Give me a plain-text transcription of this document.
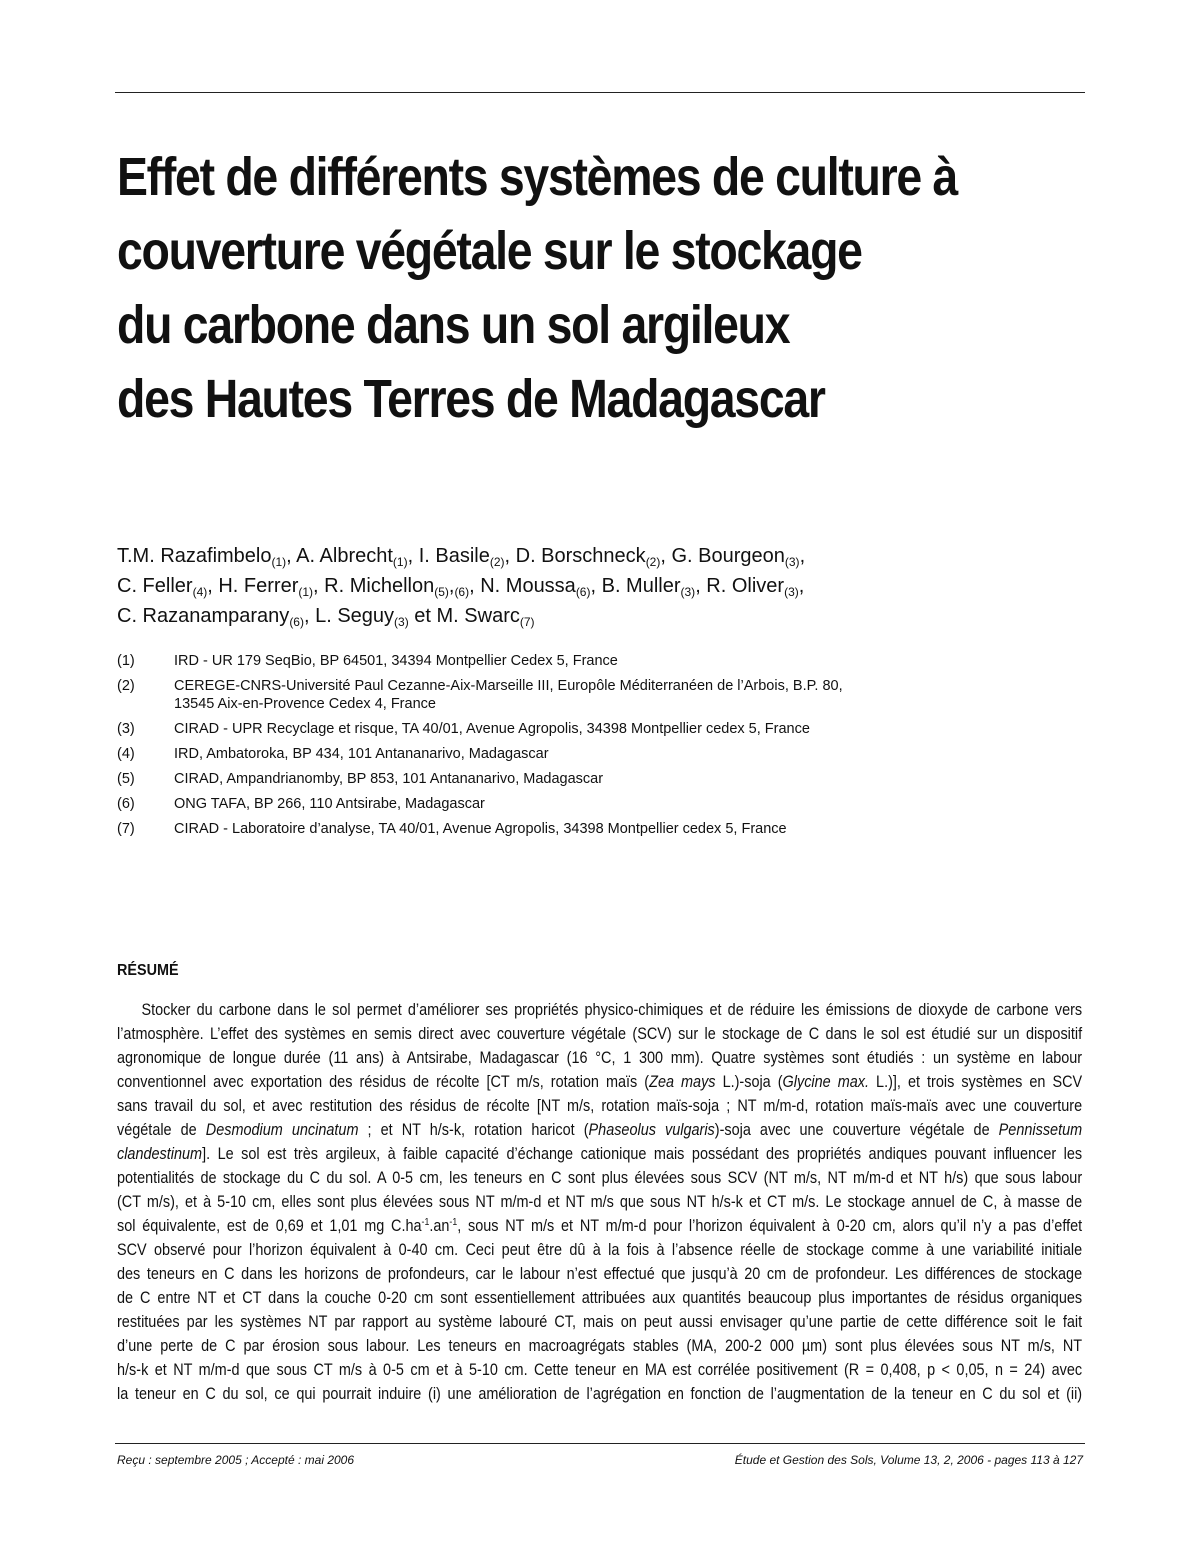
Effet de différents systèmes de culture à
couverture végétale sur le stockage
du carbone dans un sol argileux
des Hautes Terres de Madagascar
T.M. Razafimbelo$_{(1)}$, A. Albrecht$_{(1)}$, I. Basile$_{(2)}$, D. Borschneck$_{(2)}$, G. Bourgeon$_{(3)}$,
C. Feller$_{(4)}$, H. Ferrer$_{(1)}$, R. $Michellon_{(5)},_{(6)}$, N. Moussa$_{(6)}$, B. Muller$_{(3)}$, R. Oliver$_{(3)}$,
C. Razanamparany$_{(6)}$, L. Seguy$_{(3)}$ et M. Swarc$_{(7)}$
(1)	IRD - UR 179 SeqBio, BP 64501, 34394 Montpellier Cedex 5, France
(2)	CEREGE-CNRS-Université Paul Cezanne-Aix-Marseille III, Europôle Méditerranéen de l’Arbois, B.P. 80,
13545 Aix-en-Provence Cedex 4, France
(3)	CIRAD - UPR Recyclage et risque, TA 40/01, Avenue Agropolis, 34398 Montpellier cedex 5, France
(4)	IRD, Ambatoroka, BP 434, 101 Antananarivo, Madagascar
(5)	CIRAD, Ampandrianomby, BP 853, 101 Antananarivo, Madagascar
(6)	ONG TAFA, BP 266, 110 Antsirabe, Madagascar
(7)	CIRAD - Laboratoire d’analyse, TA 40/01, Avenue Agropolis, 34398 Montpellier cedex 5, France
RÉSUMÉ
Stocker du carbone dans le sol permet d’améliorer ses propriétés physico-chimiques et de réduire les émissions de dioxyde de carbone vers
l’atmosphère. L’effet des systèmes en semis direct avec couverture végétale (SCV) sur le stockage de C dans le sol est étudié sur un dispositif
agronomique de longue durée (11 ans) à Antsirabe, Madagascar (16 °C, 1 300 mm). Quatre systèmes sont étudiés : un système en labour
conventionnel avec exportation des résidus de récolte [CT m/s, rotation maïs (Zea mays L.)-soja (Glycine max. L.)], et trois systèmes en SCV
sans travail du sol, et avec restitution des résidus de récolte [NT m/s, rotation maïs-soja ; NT m/m-d, rotation maïs-maïs avec une couverture
végétale de Desmodium uncinatum ; et NT h/s-k, rotation haricot (Phaseolus vulgaris)-soja avec une couverture végétale de Pennissetum
clandestinum]. Le sol est très argileux, à faible capacité d’échange cationique mais possédant des propriétés andiques pouvant influencer les
potentialités de stockage du C du sol. A 0-5 cm, les teneurs en C sont plus élevées sous SCV (NT m/s, NT m/m-d et NT h/s) que sous labour
(CT m/s), et à 5-10 cm, elles sont plus élevées sous NT m/m-d et NT m/s que sous NT h/s-k et CT m/s. Le stockage annuel de C, à masse de
sol équivalente, est de 0,69 et 1,01 mg $C.ha^{-1}.an^{-1}$, sous NT m/s et NT m/m-d pour l’horizon équivalent à 0-20 cm, alors qu’il n’y a pas d’effet
SCV observé pour l’horizon équivalent à 0-40 cm. Ceci peut être dû à la fois à l’absence réelle de stockage comme à une variabilité initiale
des teneurs en C dans les horizons de profondeurs, car le labour n’est effectué que jusqu’à 20 cm de profondeur. Les différences de stockage
de C entre NT et CT dans la couche 0-20 cm sont essentiellement attribuées aux quantités beaucoup plus importantes de résidus organiques
restituées par les systèmes NT par rapport au système labouré CT, mais on peut aussi envisager qu’une partie de cette différence soit le fait
d’une perte de C par érosion sous labour. Les teneurs en macroagrégats stables (MA, 200-2 000 µm) sont plus élevées sous NT m/s, NT
h/s-k et NT m/m-d que sous CT m/s à 0-5 cm et à 5-10 cm. Cette teneur en MA est corrélée positivement (R = 0,408, p < 0,05, n = 24) avec
la teneur en C du sol, ce qui pourrait induire (i) une amélioration de l’agrégation en fonction de l’augmentation de la teneur en C du sol et (ii)
Reçu : septembre 2005 ; Accepté : mai 2006	Étude et Gestion des Sols, Volume 13, 2, 2006 - pages 113 à 127
